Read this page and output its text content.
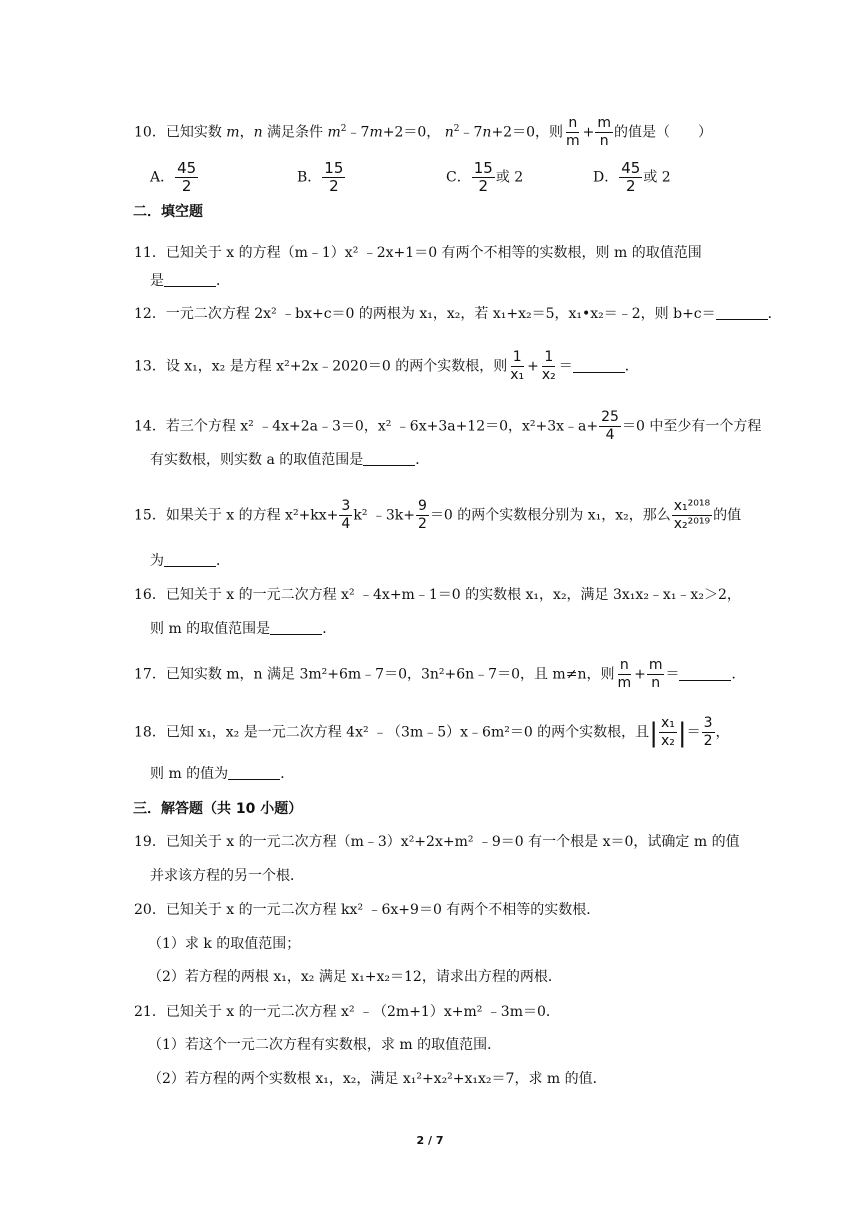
10．已知实数 m，n 满足条件 $m^2﹣7m+2=0$， $n^2﹣7n+2=0$，则 $\frac{n}{m} + \frac{m}{n}$ 的值是（　　）
A． $\frac{45}{2}$	B． $\frac{15}{2}$	C． $\frac{15}{2}$ 或 2	D． $\frac{45}{2}$ 或 2
二．填空题
11．已知关于 x 的方程（m﹣1）x² ﹣2x+1＝0 有两个不相等的实数根，则 m 的取值范围
是	．
12．一元二次方程 2x² ﹣bx+c＝0 的两根为 x₁，x₂，若 x₁+x₂＝5，x₁•x₂＝﹣2，则 b+c＝	．
13．设 x₁，x₂ 是方程 x²+2x﹣2020＝0 的两个实数根，则 $\frac{1}{\text{x₁}} + \frac{1}{\text{x₂}}$ ＝	．
14．若三个方程 x² ﹣4x+2a﹣3＝0，x² ﹣6x+3a+12＝0，x²+3x﹣a+ $\frac{25}{4} =0$ 中至少有一个方程
有实数根，则实数 a 的取值范围是	．
15．如果关于 x 的方程 $x^2+kx+ \frac{3}{4} k^2$ ﹣3k+ $\frac{9}{2} =0$ 的两个实数根分别为 x₁，x₂，那么 $\frac{\text{x₁²⁰¹⁸}}{\text{x₂²⁰¹⁹}}$ 的值
为	．
16．已知关于 x 的一元二次方程 x² ﹣4x+m﹣1＝0 的实数根 x₁，x₂，满足 3x₁x₂﹣x₁﹣x₂＞2，
则 m 的取值范围是	．
17．已知实数 m，n 满足 3m²+6m﹣7＝0，3n²+6n﹣7＝0，且 m≠n，则 $\frac{n}{m} + \frac{m}{n}$ ＝	．
18．已知 x₁，x₂ 是一元二次方程 4x² ﹣（3m﹣5）x﹣6m²＝0 的两个实数根，且 | $\frac{\text{x₁}}{\text{x₂}}$ | ＝ $\frac{3}{2}$ ，
则 m 的值为	．
三．解答题（共 10 小题）
19．已知关于 x 的一元二次方程（m﹣3）x²+2x+m² ﹣9＝0 有一个根是 x＝0，试确定 m 的值
并求该方程的另一个根．
20．已知关于 x 的一元二次方程 kx² ﹣6x+9＝0 有两个不相等的实数根．
（1）求 k 的取值范围；
（2）若方程的两根 x₁，x₂ 满足 x₁+x₂＝12，请求出方程的两根．
21．已知关于 x 的一元二次方程 x² ﹣（2m+1）x+m² ﹣3m＝0．
（1）若这个一元二次方程有实数根，求 m 的取值范围．
（2）若方程的两个实数根 x₁，x₂，满足 x₁²+x₂²+x₁x₂＝7，求 m 的值．
2 / 7
